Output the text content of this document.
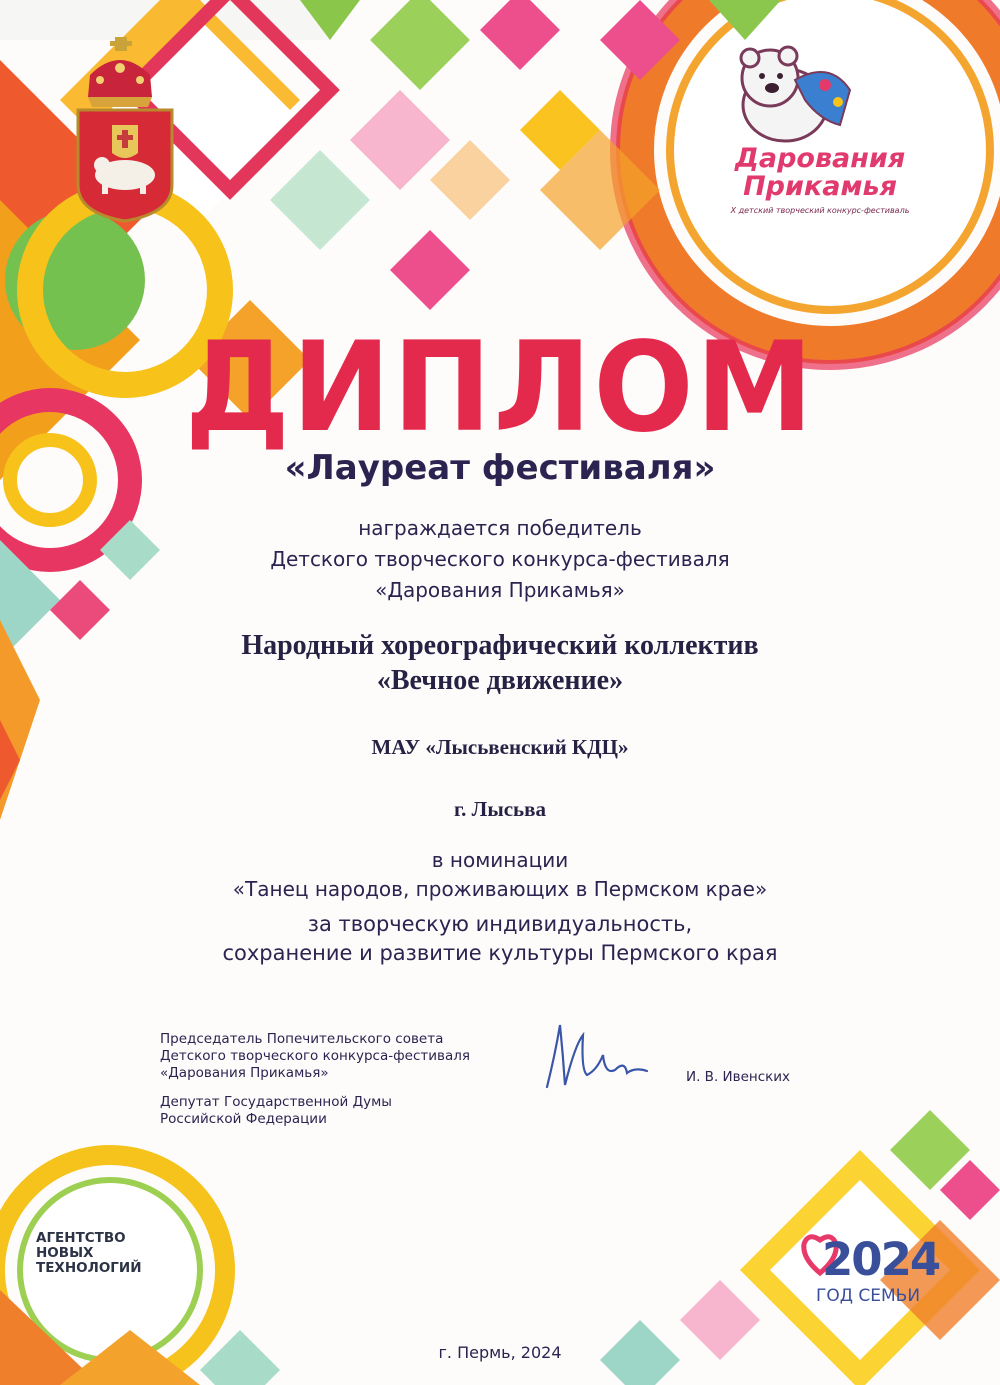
Дарования
Прикамья
X детский творческий конкурс-фестиваль
ДИПЛОМ
«Лауреат фестиваля»
награждается победитель
Детского творческого конкурса-фестиваля
«Дарования Прикамья»
Народный хореографический коллектив
«Вечное движение»
МАУ «Лысьвенский КДЦ»
г. Лысьва
в номинации
«Танец народов, проживающих в Пермском крае»
за творческую индивидуальность,
сохранение и развитие культуры Пермского края

Председатель Попечительского совета

Детского творческого конкурса-фестиваля

«Дарования Прикамья»

Депутат Государственной Думы

Российской Федерации

И. В. Ивенских
АГЕНТСТВО
НОВЫХ
ТЕХНОЛОГИЙ	2024
ГОД СЕМЬИ
г. Пермь, 2024
